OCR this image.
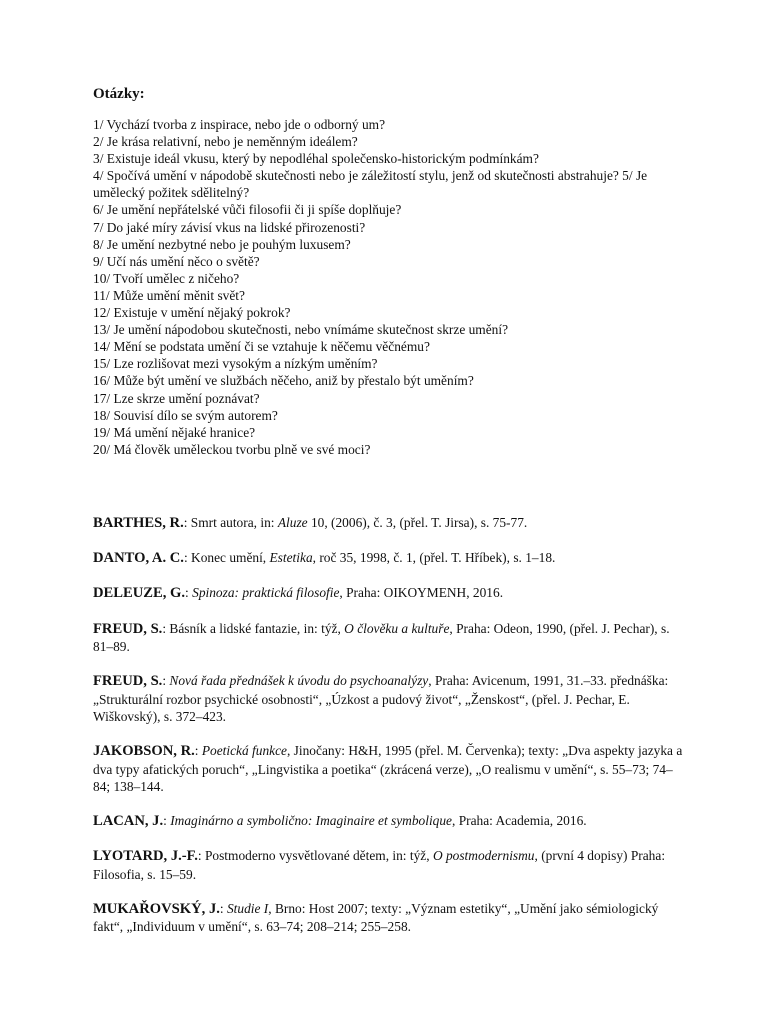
Otázky:
1/ Vychází tvorba z inspirace, nebo jde o odborný um?
2/ Je krása relativní, nebo je neměnným ideálem?
3/ Existuje ideál vkusu, který by nepodléhal společensko-historickým podmínkám?
4/ Spočívá umění v nápodobě skutečnosti nebo je záležitostí stylu, jenž od skutečnosti abstrahuje? 5/ Je umělecký požitek sdělitelný?
6/ Je umění nepřátelské vůči filosofii či ji spíše doplňuje?
7/ Do jaké míry závisí vkus na lidské přirozenosti?
8/ Je umění nezbytné nebo je pouhým luxusem?
9/ Učí nás umění něco o světě?
10/ Tvoří umělec z ničeho?
11/ Může umění měnit svět?
12/ Existuje v umění nějaký pokrok?
13/ Je umění nápodobou skutečnosti, nebo vnímáme skutečnost skrze umění?
14/ Mění se podstata umění či se vztahuje k něčemu věčnému?
15/ Lze rozlišovat mezi vysokým a nízkým uměním?
16/ Může být umění ve službách něčeho, aniž by přestalo být uměním?
17/ Lze skrze umění poznávat?
18/ Souvisí dílo se svým autorem?
19/ Má umění nějaké hranice?
20/ Má člověk uměleckou tvorbu plně ve své moci?
BARTHES, R.: Smrt autora, in: Aluze 10, (2006), č. 3, (přel. T. Jirsa), s. 75-77.
DANTO, A. C.: Konec umění, Estetika, roč 35, 1998, č. 1, (přel. T. Hříbek), s. 1–18.
DELEUZE, G.: Spinoza: praktická filosofie, Praha: OIKOYMENH, 2016.
FREUD, S.: Básník a lidské fantazie, in: týž, O člověku a kultuře, Praha: Odeon, 1990, (přel. J. Pechar), s. 81–89.
FREUD, S.: Nová řada přednášek k úvodu do psychoanalýzy, Praha: Avicenum, 1991, 31.–33. přednáška: „Strukturální rozbor psychické osobnosti“, „Úzkost a pudový život“, „Ženskost“, (přel. J. Pechar, E. Wiškovský), s. 372–423.
JAKOBSON, R.: Poetická funkce, Jinočany: H&H, 1995 (přel. M. Červenka); texty: „Dva aspekty jazyka a dva typy afatických poruch“, „Lingvistika a poetika“ (zkrácená verze), „O realismu v umění“, s. 55–73; 74–84; 138–144.
LACAN, J.: Imaginárno a symbolično: Imaginaire et symbolique, Praha: Academia, 2016.
LYOTARD, J.-F.: Postmoderno vysvětlované dětem, in: týž, O postmodernismu, (první 4 dopisy) Praha: Filosofia, s. 15–59.
MUKAŘOVSKÝ, J.: Studie I, Brno: Host 2007; texty: „Význam estetiky“, „Umění jako sémiologický fakt“, „Individuum v umění“, s. 63–74; 208–214; 255–258.
